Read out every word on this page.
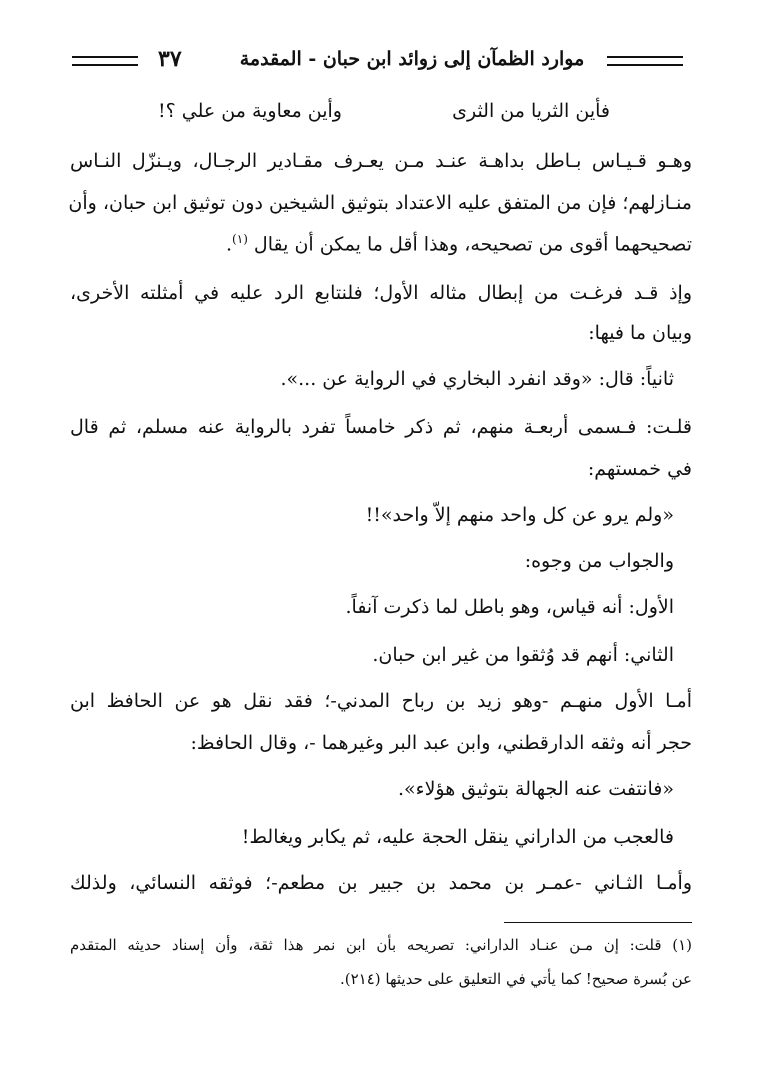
٣٧	موارد الظمآن إلى زوائد ابن حبان - المقدمة
فأين الثريا من الثرى
وأين معاوية من علي ؟!
وهـو قـيـاس بـاطل بداهـة عنـد مـن يعـرف مقـادير الرجـال، ويـنزّل النـاس
منـازلهم؛ فإن من المتفق عليه الاعتداد بتوثيق الشيخين دون توثيق ابن حبان، وأن
تصحيحهما أقوى من تصحيحه، وهذا أقل ما يمكن أن يقال $^{(١)}$.
وإذ قـد فرغـت من إبطال مثاله الأول؛ فلنتابع الرد عليه في أمثلته الأخرى،
وبيان ما فيها:
ثانياً: قال: «وقد انفرد البخاري في الرواية عن ...».
قلـت: فـسمى أربعـة منهم، ثم ذكر خامساً تفرد بالرواية عنه مسلم، ثم قال
في خمستهم:
«ولم يرو عن كل واحد منهم إلاّ واحد»!!
والجواب من وجوه:
الأول: أنه قياس، وهو باطل لما ذكرت آنفاً.
الثاني: أنهم قد وُثقوا من غير ابن حبان.
أمـا الأول منهـم -وهو زيد بن رباح المدني-؛ فقد نقل هو عن الحافظ ابن
حجر أنه وثقه الدارقطني، وابن عبد البر وغيرهما -، وقال الحافظ:
«فانتفت عنه الجهالة بتوثيق هؤلاء».
فالعجب من الداراني ينقل الحجة عليه، ثم يكابر ويغالط!
وأمـا الثـاني -عمـر بن محمد بن جبير بن مطعم-؛ فوثقه النسائي، ولذلك
(١) قلت: إن مـن عنـاد الداراني: تصريحه بأن ابن نمر هذا ثقة، وأن إسناد حديثه المتقدم
عن بُسرة صحيح! كما يأتي في التعليق على حديثها (٢١٤).
